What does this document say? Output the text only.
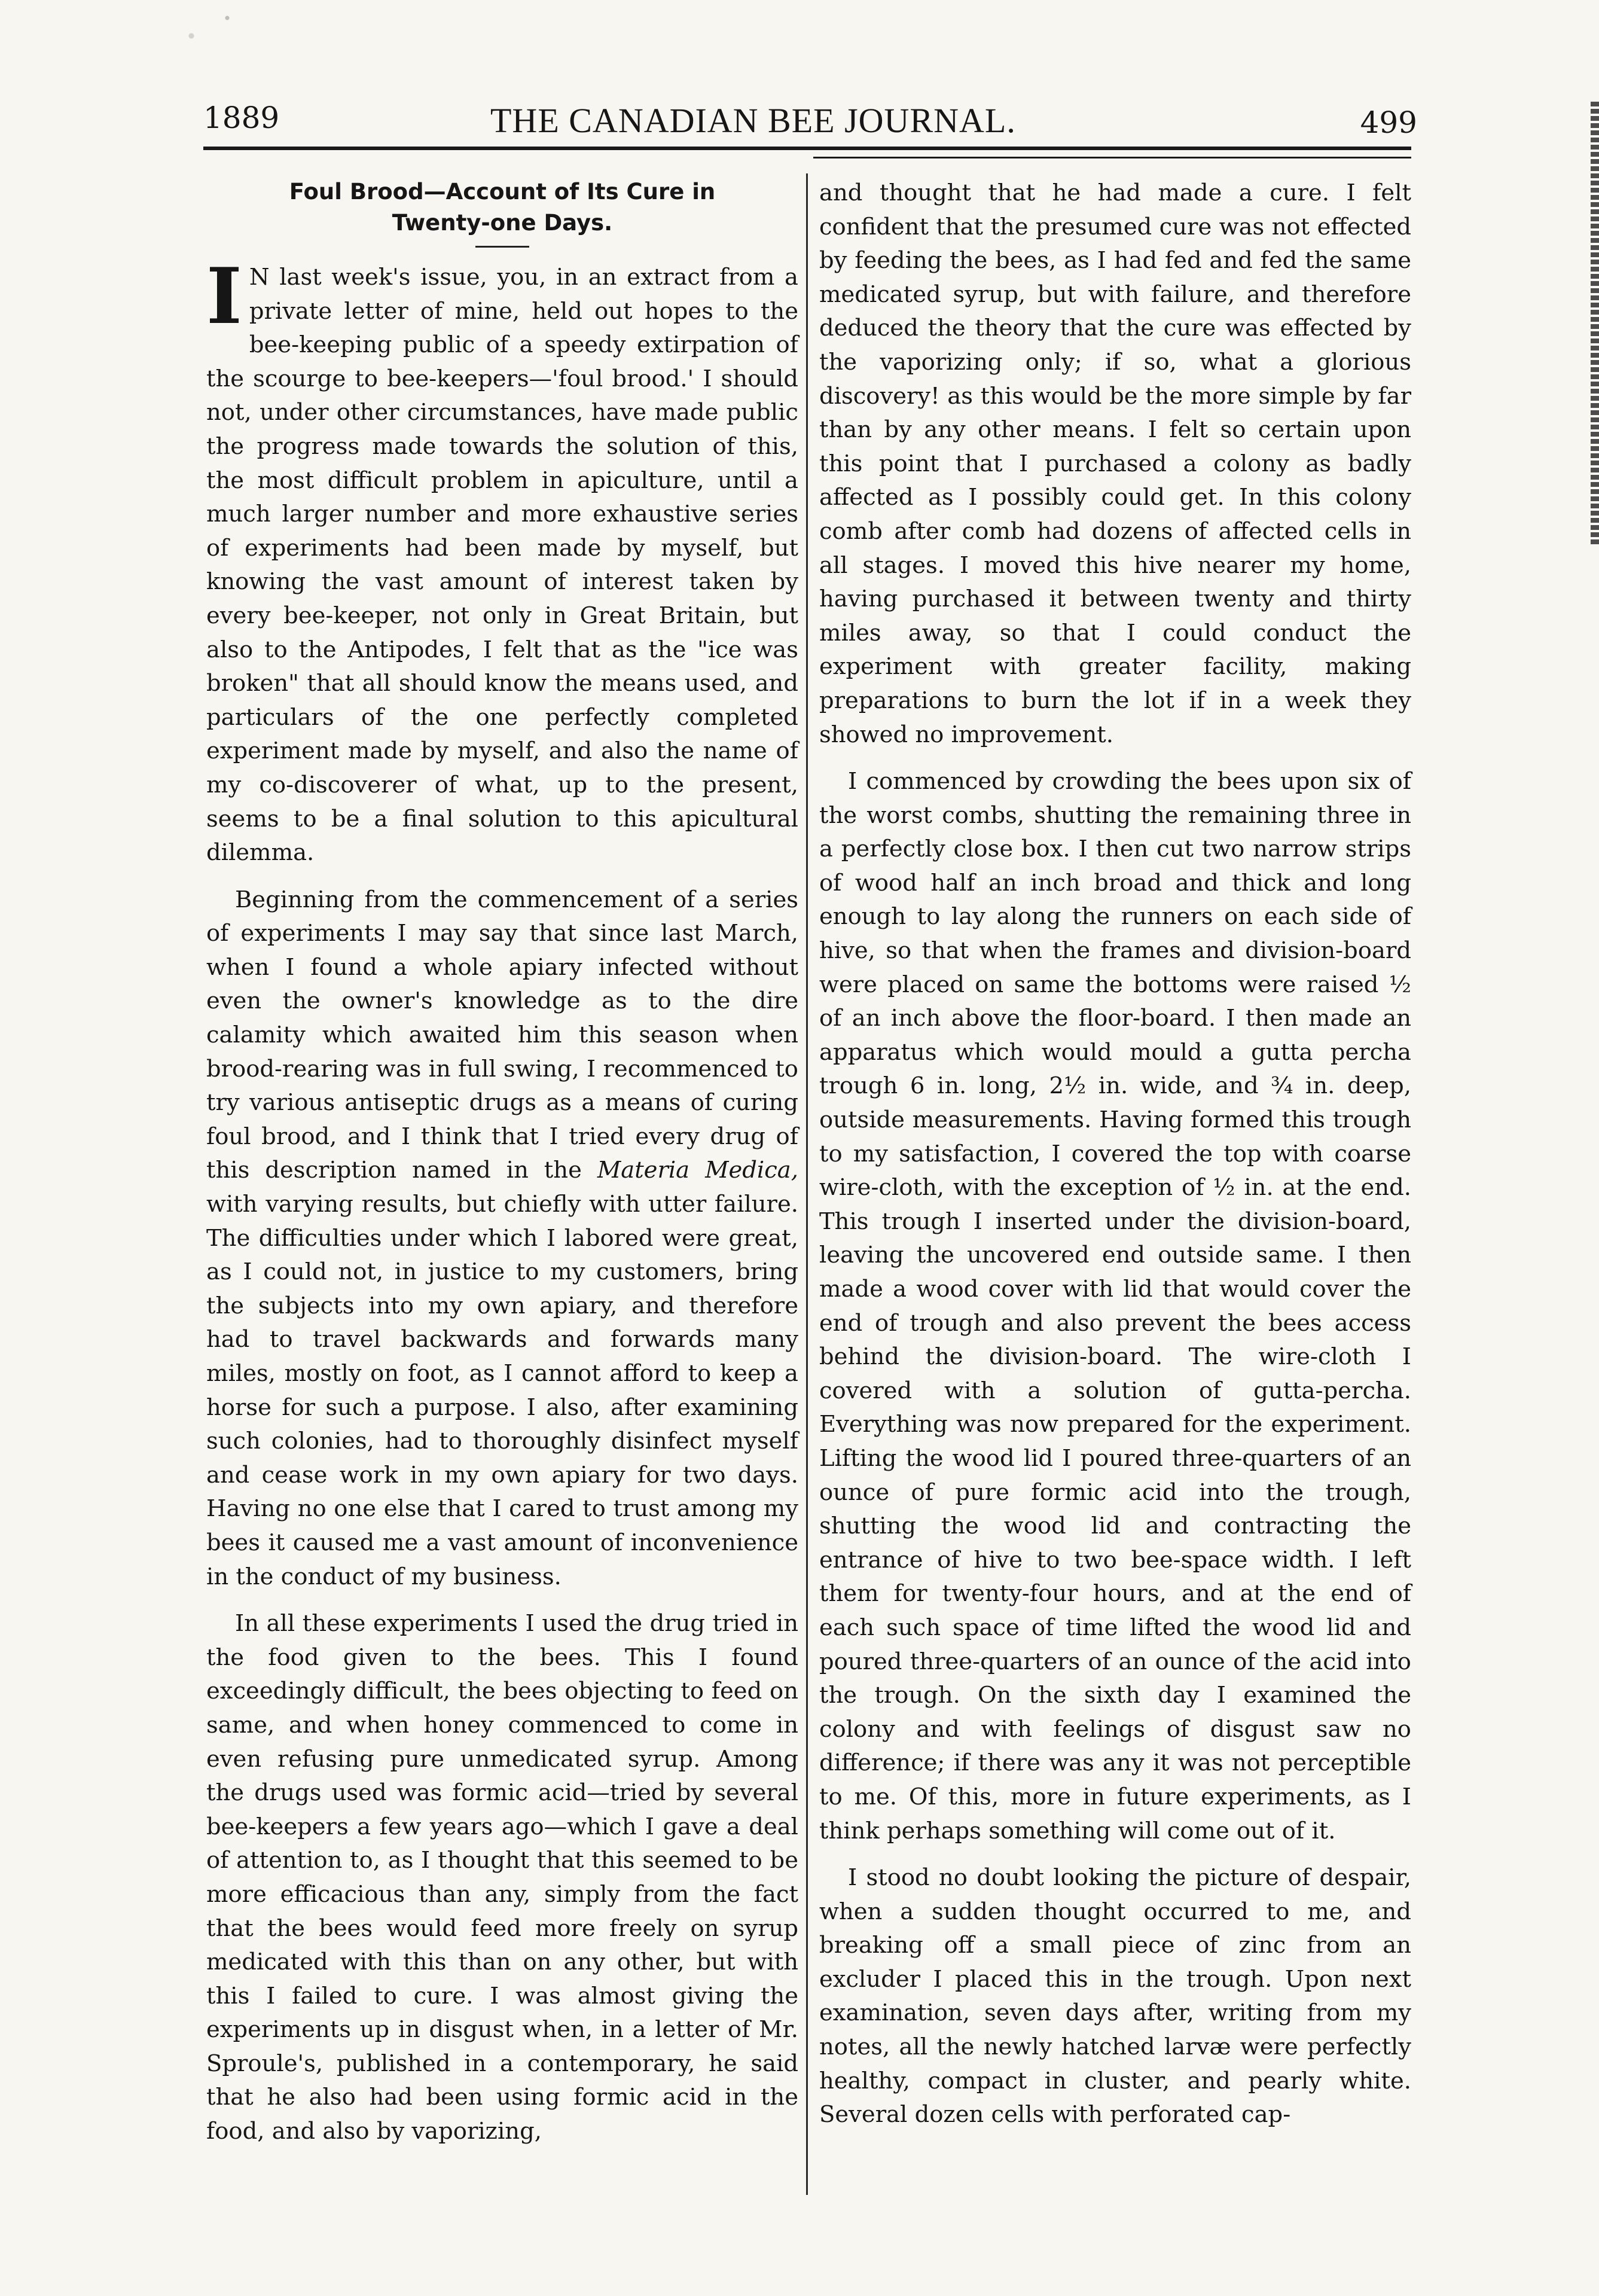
1889	THE CANADIAN BEE JOURNAL.	499
Foul Brood—Account of Its Cure in
Twenty-one Days.

I N last week's issue, you, in an extract from a private letter of mine, held out hopes to the bee-keeping public of a speedy extirpation of the scourge to bee-keepers—'foul brood.' I should not, under other circumstances, have made public the progress made towards the solution of this, the most difficult problem in apiculture, until a much larger number and more exhaustive series of experiments had been made by myself, but knowing the vast amount of interest taken by every bee-keeper, not only in Great Britain, but also to the Antipodes, I felt that as the "ice was broken" that all should know the means used, and particulars of the one perfectly completed experiment made by myself, and also the name of my co-discoverer of what, up to the present, seems to be a final solution to this apicultural dilemma.

Beginning from the commencement of a series of experiments I may say that since last March, when I found a whole apiary infected without even the owner's knowledge as to the dire calamity which awaited him this season when brood-rearing was in full swing, I recommenced to try various antiseptic drugs as a means of curing foul brood, and I think that I tried every drug of this description named in the Materia Medica, with varying results, but chiefly with utter failure. The difficulties under which I labored were great, as I could not, in justice to my customers, bring the subjects into my own apiary, and therefore had to travel backwards and forwards many miles, mostly on foot, as I cannot afford to keep a horse for such a purpose. I also, after examining such colonies, had to thoroughly disinfect myself and cease work in my own apiary for two days. Having no one else that I cared to trust among my bees it caused me a vast amount of inconvenience in the conduct of my business.

In all these experiments I used the drug tried in the food given to the bees. This I found exceedingly difficult, the bees objecting to feed on same, and when honey commenced to come in even refusing pure unmedicated syrup. Among the drugs used was formic acid—tried by several bee-keepers a few years ago—which I gave a deal of attention to, as I thought that this seemed to be more efficacious than any, simply from the fact that the bees would feed more freely on syrup medicated with this than on any other, but with this I failed to cure. I was almost giving the experiments up in disgust when, in a letter of Mr. Sproule's, published in a contemporary, he said that he also had been using formic acid in the food, and also by vaporizing,

and thought that he had made a cure. I felt confident that the presumed cure was not effected by feeding the bees, as I had fed and fed the same medicated syrup, but with failure, and therefore deduced the theory that the cure was effected by the vaporizing only; if so, what a glorious discovery! as this would be the more simple by far than by any other means. I felt so certain upon this point that I purchased a colony as badly affected as I possibly could get. In this colony comb after comb had dozens of affected cells in all stages. I moved this hive nearer my home, having purchased it between twenty and thirty miles away, so that I could conduct the experiment with greater facility, making preparations to burn the lot if in a week they showed no improvement.

I commenced by crowding the bees upon six of the worst combs, shutting the remaining three in a perfectly close box. I then cut two narrow strips of wood half an inch broad and thick and long enough to lay along the runners on each side of hive, so that when the frames and division-board were placed on same the bottoms were raised ½ of an inch above the floor-board. I then made an apparatus which would mould a gutta percha trough 6 in. long, 2½ in. wide, and ¾ in. deep, outside measurements. Having formed this trough to my satisfaction, I covered the top with coarse wire-cloth, with the exception of ½ in. at the end. This trough I inserted under the division-board, leaving the uncovered end outside same. I then made a wood cover with lid that would cover the end of trough and also prevent the bees access behind the division-board. The wire-cloth I covered with a solution of gutta-percha. Everything was now prepared for the experiment. Lifting the wood lid I poured three-quarters of an ounce of pure formic acid into the trough, shutting the wood lid and contracting the entrance of hive to two bee-space width. I left them for twenty-four hours, and at the end of each such space of time lifted the wood lid and poured three-quarters of an ounce of the acid into the trough. On the sixth day I examined the colony and with feelings of disgust saw no difference; if there was any it was not perceptible to me. Of this, more in future experiments, as I think perhaps something will come out of it.

I stood no doubt looking the picture of despair, when a sudden thought occurred to me, and breaking off a small piece of zinc from an excluder I placed this in the trough. Upon next examination, seven days after, writing from my notes, all the newly hatched larvæ were perfectly healthy, compact in cluster, and pearly white. Several dozen cells with perforated cap-
